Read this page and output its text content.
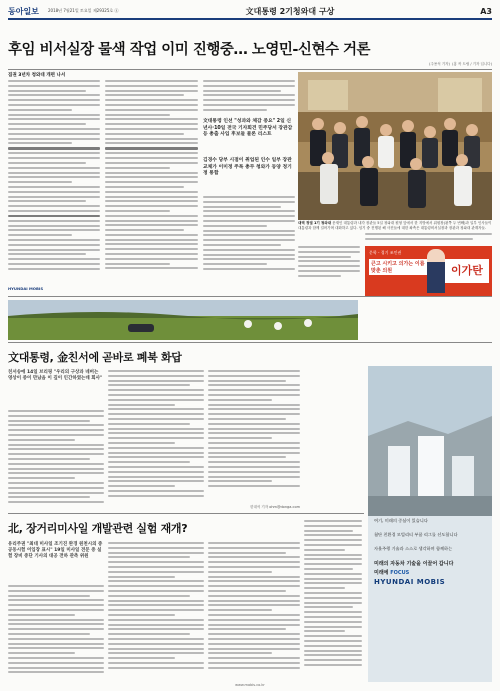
동아일보	2018년 7월21일 토요일 제29325호 ⓐ	文대통령 2기청와대 구상	A3
후임 비서실장 물색 작업 이미 진행중… 노영민-신현수 거론
(주용석 기자) (홍 작 트립 / 기자 입니다)
집권 3년차 청와대 개편 나서
文대통령 인선 "성과와 체감 중요" 2일 신년사·10일 전국 기자회견 민주당서 장관감 등 총출 사입 후보들 물론 리스트
김경수 당부 시점이 취업된 인수 일부 장관교체가 이미정 주목 총무 청와가 동양 정기정 통합
대역 정권 1기 청와대 문재인 대통령과 내각 장관들 5일 청와대 원형 앞에서 한 지방에서 위원장(왼쪽 두 번째)과 일부 인사들이 대통령과 함께 걸어가며 대화하고 있다. 임기 중 진행된 해 사진들에 대한 좌측은 대통령비서실장과 장관과 청와대 관계자들.
문학 - 경기 조인권
큰고 시키고 의가는 이름 맞춘 의원	이가탄
HYUNDAI MOBIS
文대통령, 金친서에 곧바로 폐북 화답
친서송에 14일 브리핑 "우리의 구상과 네버는 영상이 중이 만났음 이 깊이 인간하였는데 회사"
한대석 기자 ohm@donga.com
北, 장거리미사일 개발관련 실험 재개?
유리주권 "최대 미사일 조기진 완경 원천시의 중 공동시험 이입장 표시" 19일 미사일 전문 중 실험 장비 중단 기사의 대공 전하 관측 위원
여기, 미래의 중심이 있습니다
첨단 친환경 모빌리티 부품 리그를 선도합니다
자율주행 기술과 스스로 생각하며 함께하는
미래의 자동차 기술을 이끌어 갑니다
미래에 FOCUS
HYUNDAI MOBIS
www.mobis.co.kr
